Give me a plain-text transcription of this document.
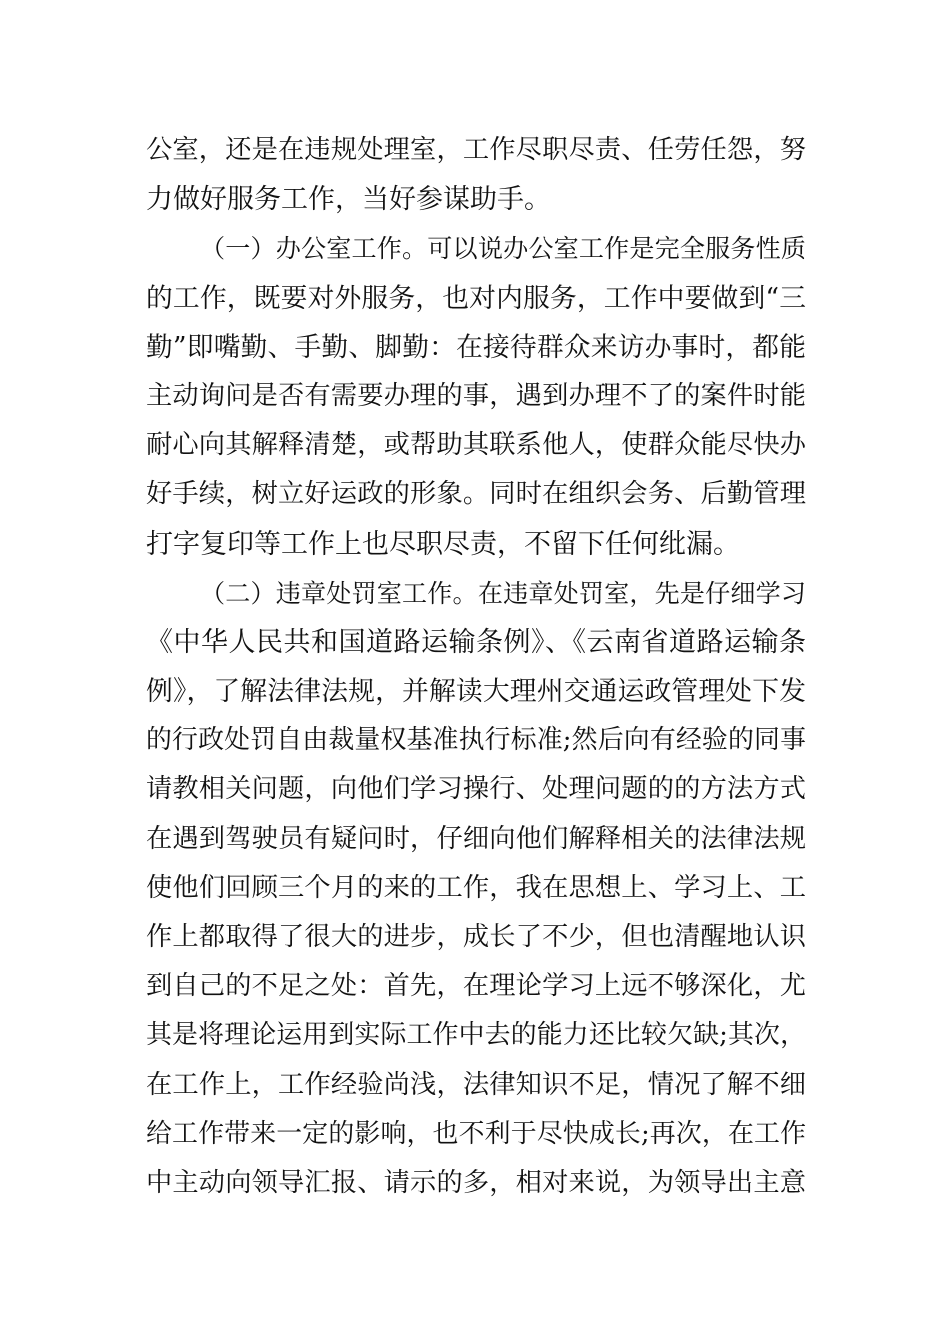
公室，还是在违规处理室，工作尽职尽责、任劳任怨，努
力做好服务工作，当好参谋助手。
（一）办公室工作。可以说办公室工作是完全服务性质
的工作，既要对外服务，也对内服务，工作中要做到“三
勤”即嘴勤、手勤、脚勤：在接待群众来访办事时，都能
主动询问是否有需要办理的事，遇到办理不了的案件时能
耐心向其解释清楚，或帮助其联系他人，使群众能尽快办
好手续，树立好运政的形象。同时在组织会务、后勤管理
打字复印等工作上也尽职尽责，不留下任何纰漏。
（二）违章处罚室工作。在违章处罚室，先是仔细学习
《中华人民共和国道路运输条例》、《云南省道路运输条
例》，了解法律法规，并解读大理州交通运政管理处下发
的行政处罚自由裁量权基准执行标准;然后向有经验的同事
请教相关问题，向他们学习操行、处理问题的的方法方式
在遇到驾驶员有疑问时，仔细向他们解释相关的法律法规
使他们回顾三个月的来的工作，我在思想上、学习上、工
作上都取得了很大的进步，成长了不少，但也清醒地认识
到自己的不足之处：首先，在理论学习上远不够深化，尤
其是将理论运用到实际工作中去的能力还比较欠缺;其次，
在工作上，工作经验尚浅，法律知识不足，情况了解不细
给工作带来一定的影响，也不利于尽快成长;再次，在工作
中主动向领导汇报、请示的多，相对来说，为领导出主意
